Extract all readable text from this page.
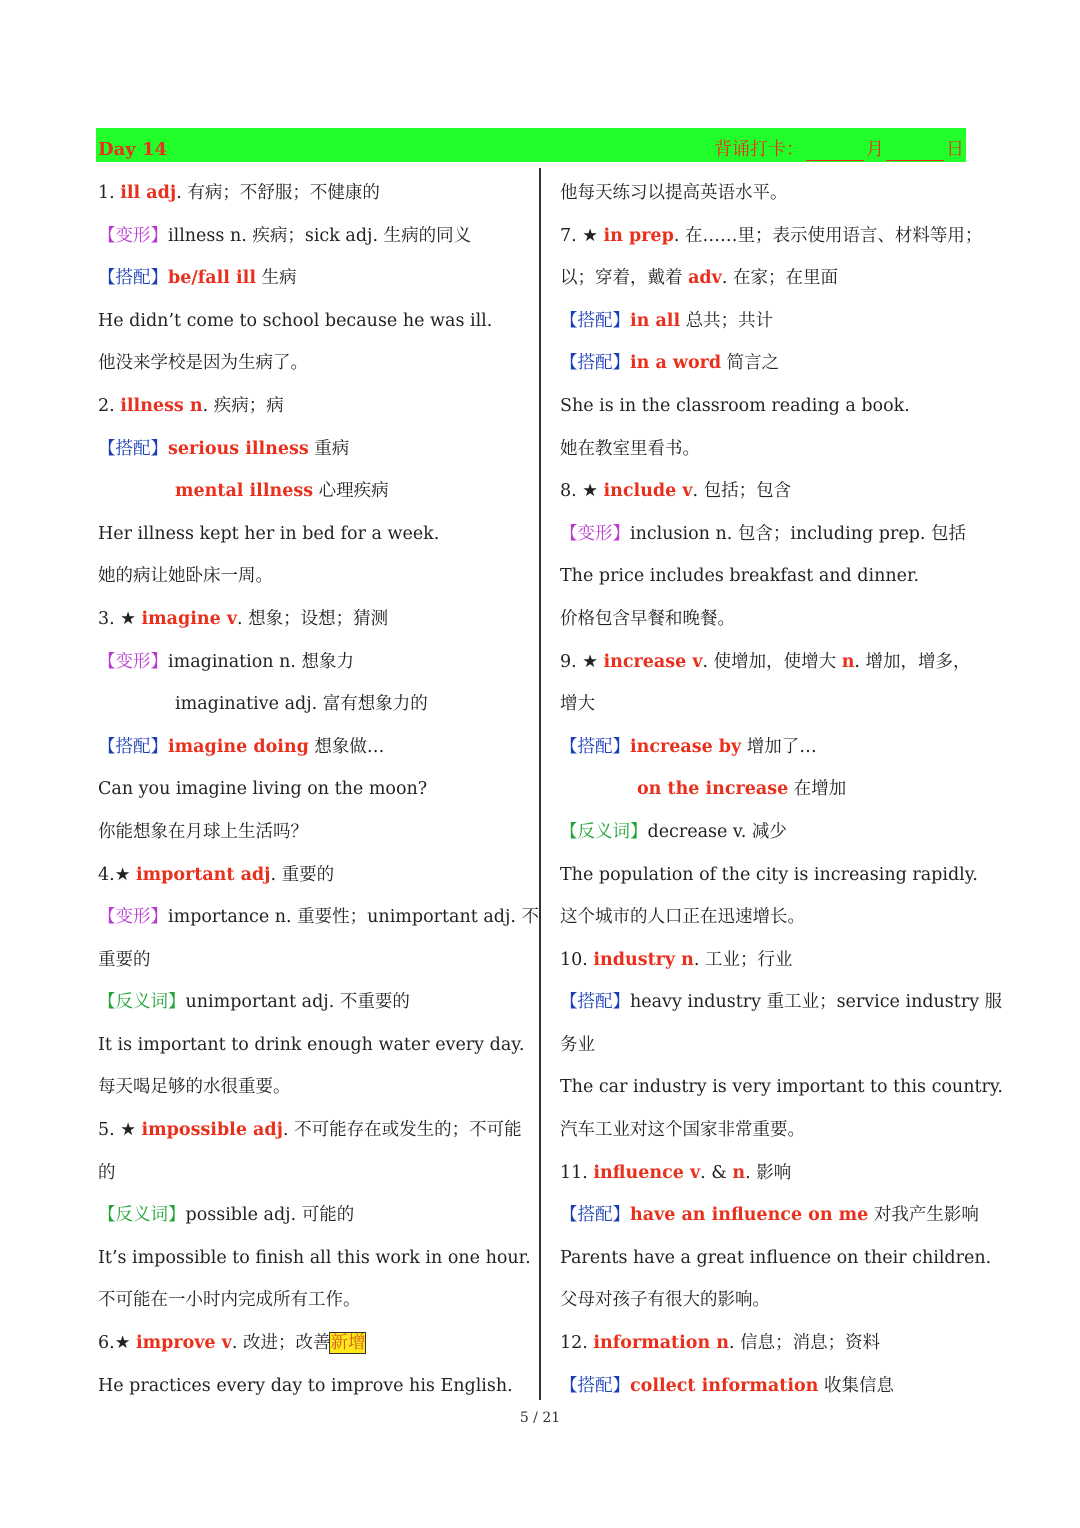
Day 14	背诵打卡：	月	日
1. ill adj. 有病；不舒服；不健康的
【变形】illness n. 疾病；sick adj. 生病的同义
【搭配】be/fall ill 生病
He didn’t come to school because he was ill.
他没来学校是因为生病了。
2. illness n. 疾病；病
【搭配】serious illness 重病
mental illness 心理疾病
Her illness kept her in bed for a week.
她的病让她卧床一周。
3. ★ imagine v. 想象；设想；猜测
【变形】imagination n. 想象力
imaginative adj. 富有想象力的
【搭配】imagine doing 想象做…
Can you imagine living on the moon?
你能想象在月球上生活吗？
4.★ important adj. 重要的
【变形】importance n. 重要性；unimportant adj. 不
重要的
【反义词】unimportant adj. 不重要的
It is important to drink enough water every day.
每天喝足够的水很重要。
5. ★ impossible adj. 不可能存在或发生的；不可能
的
【反义词】possible adj. 可能的
It’s impossible to finish all this work in one hour.
不可能在一小时内完成所有工作。
6.★ improve v. 改进；改善新增
He practices every day to improve his English.
他每天练习以提高英语水平。
7. ★ in prep. 在……里；表示使用语言、材料等用；
以；穿着，戴着 adv. 在家；在里面
【搭配】in all 总共；共计
【搭配】in a word 简言之
She is in the classroom reading a book.
她在教室里看书。
8. ★ include v. 包括；包含
【变形】inclusion n. 包含；including prep. 包括
The price includes breakfast and dinner.
价格包含早餐和晚餐。
9. ★ increase v. 使增加，使增大 n. 增加，增多，
增大
【搭配】increase by 增加了…
on the increase 在增加
【反义词】decrease v. 减少
The population of the city is increasing rapidly.
这个城市的人口正在迅速增长。
10. industry n. 工业；行业
【搭配】heavy industry 重工业；service industry 服
务业
The car industry is very important to this country.
汽车工业对这个国家非常重要。
11. influence v. & n. 影响
【搭配】have an influence on me 对我产生影响
Parents have a great influence on their children.
父母对孩子有很大的影响。
12. information n. 信息；消息；资料
【搭配】collect information 收集信息
5 / 21
